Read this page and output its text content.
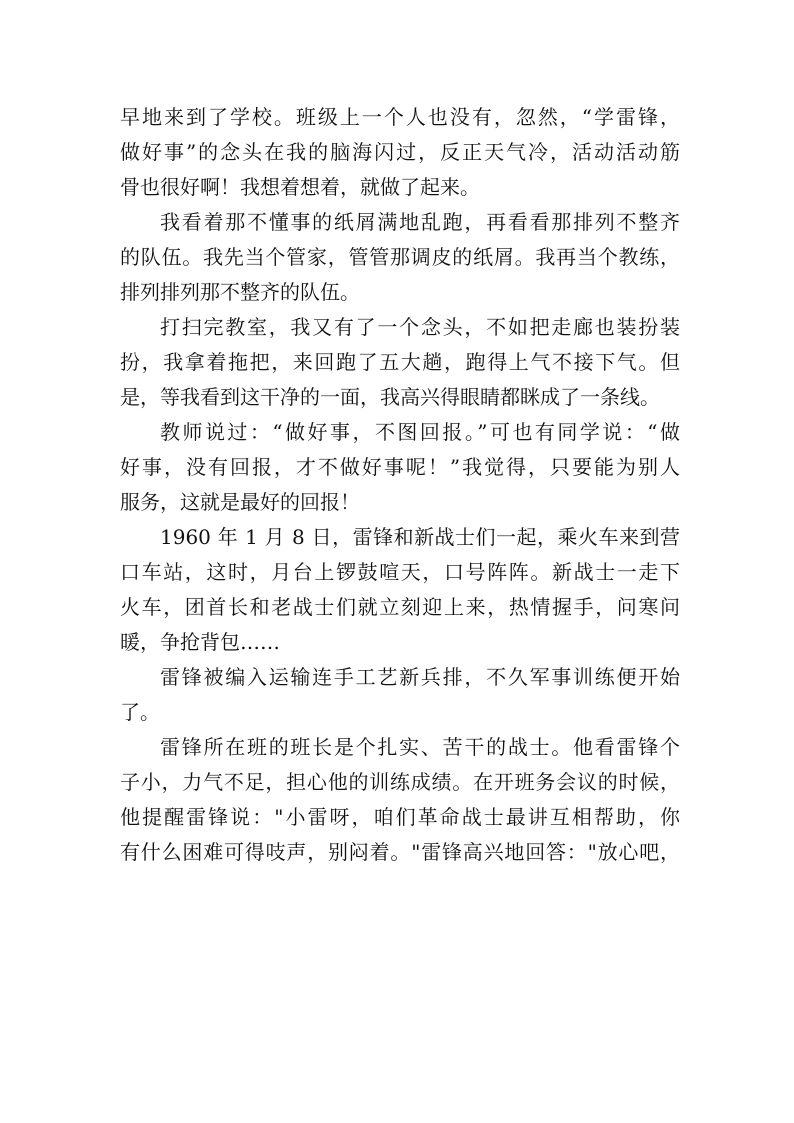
早地来到了学校。班级上一个人也没有，忽然，“学雷锋，
做好事”的念头在我的脑海闪过，反正天气冷，活动活动筋
骨也很好啊！我想着想着，就做了起来。
我看着那不懂事的纸屑满地乱跑，再看看那排列不整齐
的队伍。我先当个管家，管管那调皮的纸屑。我再当个教练，
排列排列那不整齐的队伍。
打扫完教室，我又有了一个念头，不如把走廊也装扮装
扮，我拿着拖把，来回跑了五大趟，跑得上气不接下气。但
是，等我看到这干净的一面，我高兴得眼睛都眯成了一条线。
教师说过：“做好事，不图回报。”可也有同学说：“做
好事，没有回报，才不做好事呢！”我觉得，只要能为别人
服务，这就是最好的回报！
1960 年 1 月 8 日，雷锋和新战士们一起，乘火车来到营
口车站，这时，月台上锣鼓喧天，口号阵阵。新战士一走下
火车，团首长和老战士们就立刻迎上来，热情握手，问寒问
暖，争抢背包……
雷锋被编入运输连手工艺新兵排，不久军事训练便开始
了。
雷锋所在班的班长是个扎实、苦干的战士。他看雷锋个
子小，力气不足，担心他的训练成绩。在开班务会议的时候，
他提醒雷锋说："小雷呀，咱们革命战士最讲互相帮助，你
有什么困难可得吱声，别闷着。"雷锋高兴地回答："放心吧，
